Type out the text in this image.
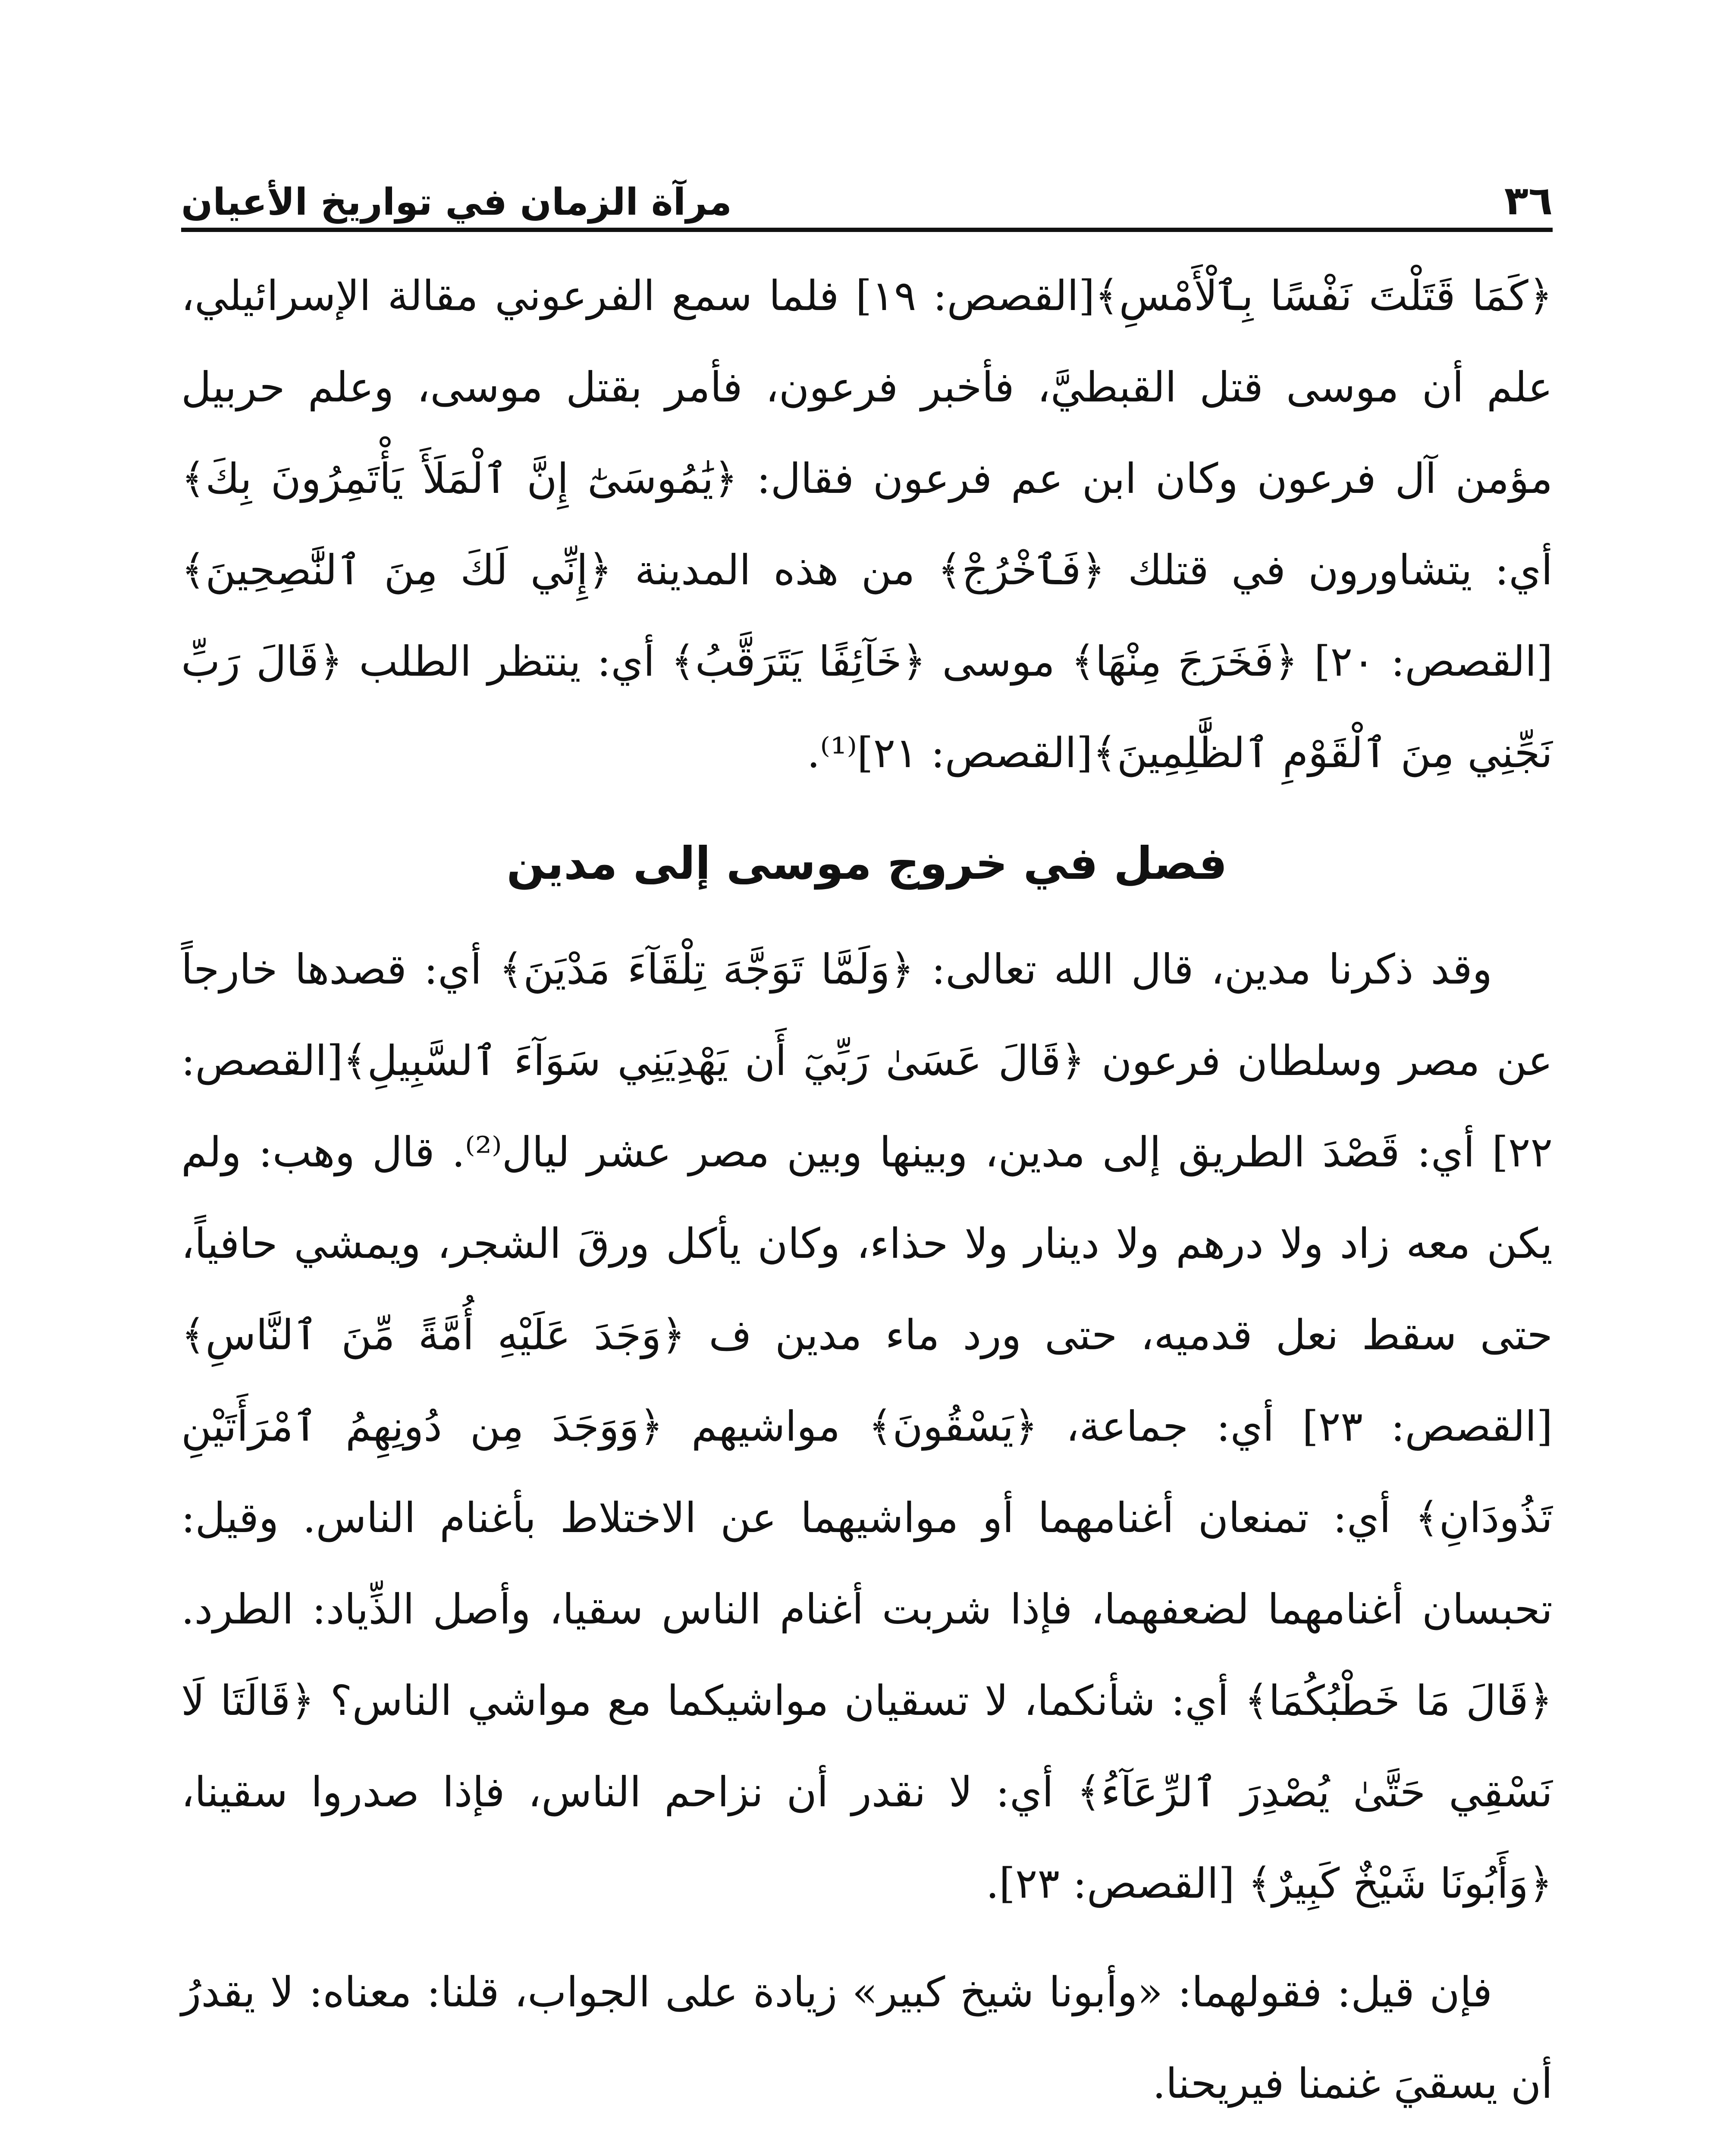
٣٦
مرآة الزمان في تواريخ الأعيان

﴿كَمَا قَتَلْتَ نَفْسًا بِٱلْأَمْسِ﴾[القصص: ١٩] فلما سمع الفرعوني مقالة الإسرائيلي، علم أن موسى قتل القبطيَّ، فأخبر فرعون، فأمر بقتل موسى، وعلم حربيل مؤمن آل فرعون وكان ابن عم فرعون فقال: ﴿يَٰمُوسَىٰٓ إِنَّ ٱلْمَلَأَ يَأْتَمِرُونَ بِكَ﴾ أي: يتشاورون في قتلك ﴿فَٱخْرُجْ﴾ من هذه المدينة ﴿إِنِّي لَكَ مِنَ ٱلنَّٰصِحِينَ﴾[القصص: ٢٠] ﴿فَخَرَجَ مِنْهَا﴾ موسى ﴿خَآئِفًا يَتَرَقَّبُ﴾ أي: ينتظر الطلب ﴿قَالَ رَبِّ نَجِّنِي مِنَ ٱلْقَوْمِ ٱلظَّٰلِمِينَ﴾[القصص: ٢١]⁽¹⁾.

فصل في خروج موسى إلى مدين

وقد ذكرنا مدين، قال الله تعالى: ﴿وَلَمَّا تَوَجَّهَ تِلْقَآءَ مَدْيَنَ﴾ أي: قصدها خارجاً عن مصر وسلطان فرعون ﴿قَالَ عَسَىٰ رَبِّيٓ أَن يَهْدِيَنِي سَوَآءَ ٱلسَّبِيلِ﴾[القصص: ٢٢] أي: قَصْدَ الطريق إلى مدين، وبينها وبين مصر عشر ليال⁽²⁾. قال وهب: ولم يكن معه زاد ولا درهم ولا دينار ولا حذاء، وكان يأكل ورقَ الشجر، ويمشي حافياً، حتى سقط نعل قدميه، حتى ورد ماء مدين ف ﴿وَجَدَ عَلَيْهِ أُمَّةً مِّنَ ٱلنَّاسِ﴾[القصص: ٢٣] أي: جماعة، ﴿يَسْقُونَ﴾ مواشيهم ﴿وَوَجَدَ مِن دُونِهِمُ ٱمْرَأَتَيْنِ تَذُودَانِ﴾ أي: تمنعان أغنامهما أو مواشيهما عن الاختلاط بأغنام الناس. وقيل: تحبسان أغنامهما لضعفهما، فإذا شربت أغنام الناس سقيا، وأصل الذِّياد: الطرد. ﴿قَالَ مَا خَطْبُكُمَا﴾ أي: شأنكما، لا تسقيان مواشيكما مع مواشي الناس؟ ﴿قَالَتَا لَا نَسْقِي حَتَّىٰ يُصْدِرَ ٱلرِّعَآءُ﴾ أي: لا نقدر أن نزاحم الناس، فإذا صدروا سقينا، ﴿وَأَبُونَا شَيْخٌ كَبِيرٌ﴾ [القصص: ٢٣].

فإن قيل: فقولهما: «وأبونا شيخ كبير» زيادة على الجواب، قلنا: معناه: لا يقدرُ أن يسقيَ غنمنا فيريحنا.
